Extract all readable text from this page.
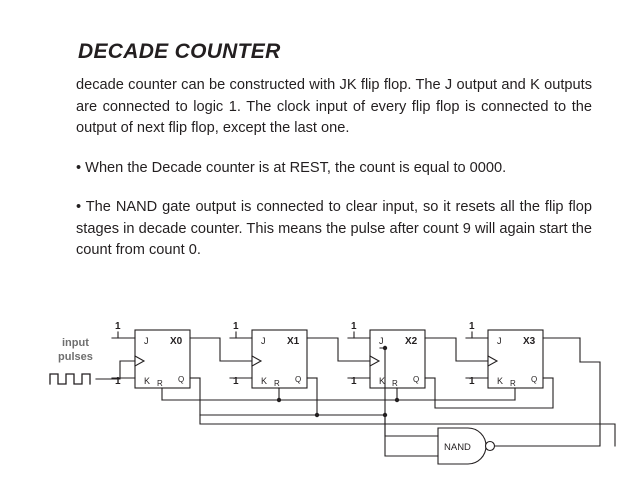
DECADE COUNTER

decade counter can be constructed with JK flip flop. The J output and K outputs are connected to logic 1. The clock input of every flip flop is connected to the output of next flip flop, except the last one.

• When the Decade counter is at REST, the count is equal to 0000.

• The NAND gate output is connected to clear input, so it resets all the flip flop stages in decade counter. This means the pulse after count 9 will again start the count from count 0.

input
pulses
J
K R
X0
Q
1
1
J
K R
X1
Q
1
1
J
K R
X2
Q
1
1
J
K R
X3
Q
1
1
NAND
